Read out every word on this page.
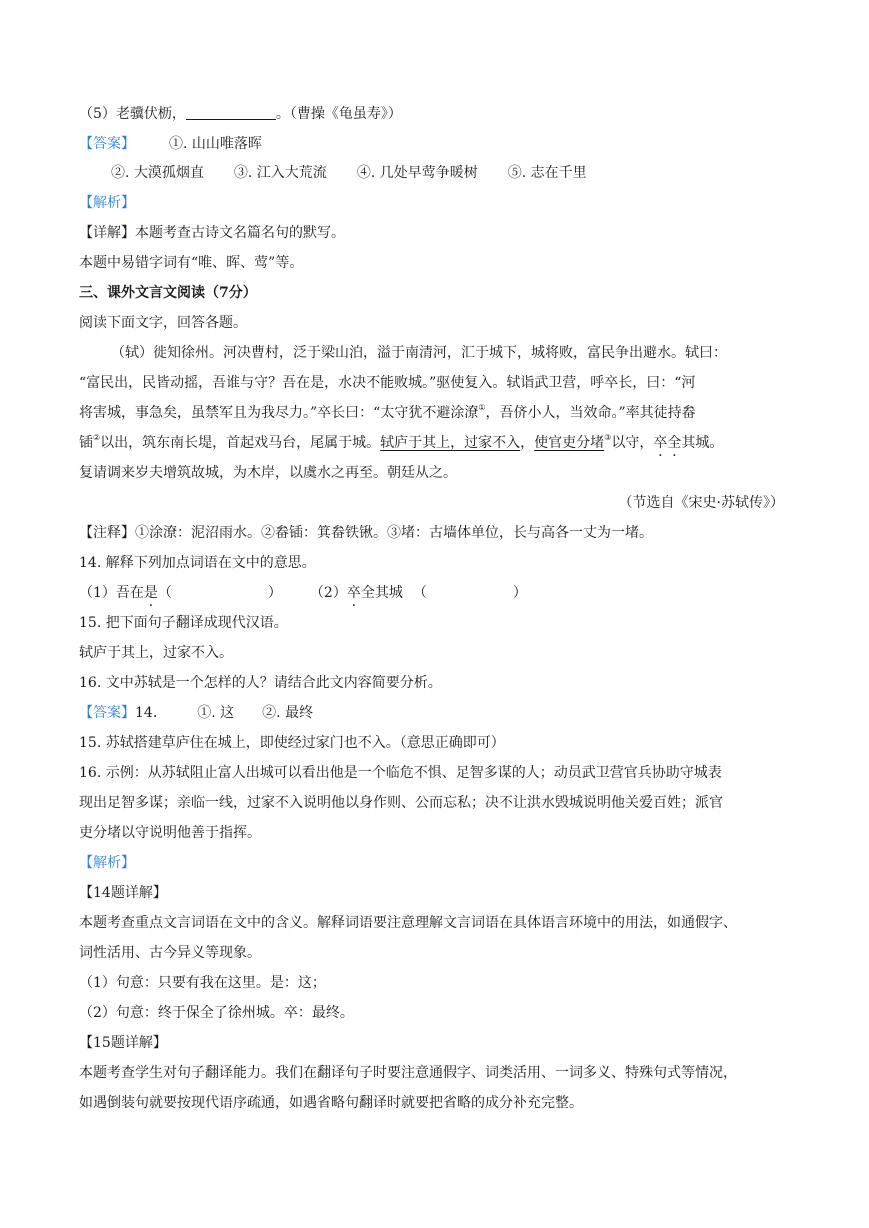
（5）老骥伏枥，	。（曹操《龟虽寿》）
【答案】 ①. 山山唯落晖
②. 大漠孤烟直 ③. 江入大荒流 ④. 几处早莺争暖树 ⑤. 志在千里
【解析】
【详解】本题考查古诗文名篇名句的默写。
本题中易错字词有“唯、晖、莺”等。
三、课外文言文阅读（7分）
阅读下面文字，回答各题。
（轼）徙知徐州。河决曹村，泛于梁山泊，溢于南清河，汇于城下，城将败，富民争出避水。轼曰：
“富民出，民皆动摇，吾谁与守？吾在是，水决不能败城。”驱使复入。轼诣武卫营，呼卒长，曰：“河
将害城，事急矣，虽禁军且为我尽力。”卒长曰：“太守犹不避涂潦①，吾侪小人，当效命。”率其徒持畚
锸②以出，筑东南长堤，首起戏马台，尾属于城。轼庐于其上，过家不入，使官吏分堵③以守，卒全其城。
复请调来岁夫增筑故城，为木岸，以虞水之再至。朝廷从之。
（节选自《宋史·苏轼传》）
【注释】①涂潦：泥沼雨水。②畚锸：箕畚铁锹。③堵：古墙体单位，长与高各一丈为一堵。
14. 解释下列加点词语在文中的意思。
（1）吾在是（	） （2）卒全其城 （	）
15. 把下面句子翻译成现代汉语。
轼庐于其上，过家不入。
16. 文中苏轼是一个怎样的人？请结合此文内容简要分析。
【答案】14.	①. 这 ②. 最终
15. 苏轼搭建草庐住在城上，即使经过家门也不入。（意思正确即可）
16. 示例：从苏轼阻止富人出城可以看出他是一个临危不惧、足智多谋的人；动员武卫营官兵协助守城表
现出足智多谋；亲临一线，过家不入说明他以身作则、公而忘私；决不让洪水毁城说明他关爱百姓；派官
吏分堵以守说明他善于指挥。
【解析】
【14题详解】
本题考查重点文言词语在文中的含义。解释词语要注意理解文言词语在具体语言环境中的用法，如通假字、
词性活用、古今异义等现象。
（1）句意：只要有我在这里。是：这；
（2）句意：终于保全了徐州城。卒：最终。
【15题详解】
本题考查学生对句子翻译能力。我们在翻译句子时要注意通假字、词类活用、一词多义、特殊句式等情况，
如遇倒装句就要按现代语序疏通，如遇省略句翻译时就要把省略的成分补充完整。
